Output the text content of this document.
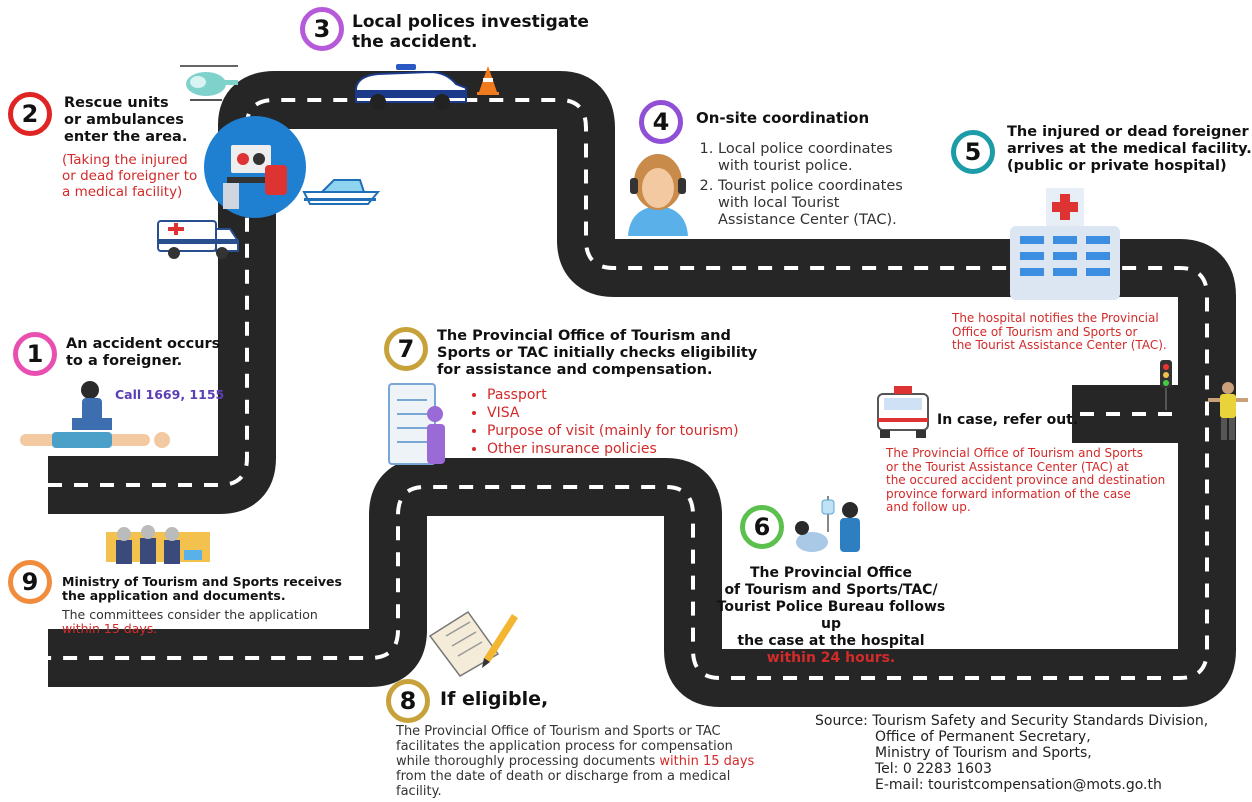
1 An accident occurs
to a foreigner.
Call 1669, 1155
2 Rescue units
or ambulances
enter the area.
(Taking the injured
or dead foreigner to
a medical facility)
3 Local polices investigate
the accident.
4 On-site coordination
1. Local police coordinates
with tourist police.
2. Tourist police coordinates
with local Tourist
Assistance Center (TAC).
5
The injured or dead foreigner
arrives at the medical facility.
(public or private hospital)
The hospital notifies the Provincial
Office of Tourism and Sports or
the Tourist Assistance Center (TAC).
In case, refer out.
The Provincial Office of Tourism and Sports
or the Tourist Assistance Center (TAC) at
the occured accident province and destination
province forward information of the case
and follow up.
6
The Provincial Office
of Tourism and Sports/TAC/
Tourist Police Bureau follows up
the case at the hospital
within 24 hours.
7 The Provincial Office of Tourism and
Sports or TAC initially checks eligibility
for assistance and compensation.
• Passport
• VISA
• Purpose of visit (mainly for tourism)
• Other insurance policies
8 If eligible,
The Provincial Office of Tourism and Sports or TAC
facilitates the application process for compensation
while thoroughly processing documents within 15 days
from the date of death or discharge from a medical
facility.
9 Ministry of Tourism and Sports receives
the application and documents.
The committees consider the application
within 15 days.
Source: Tourism Safety and Security Standards Division,
Office of Permanent Secretary,
Ministry of Tourism and Sports,
Tel: 0 2283 1603
E-mail: touristcompensation@mots.go.th
